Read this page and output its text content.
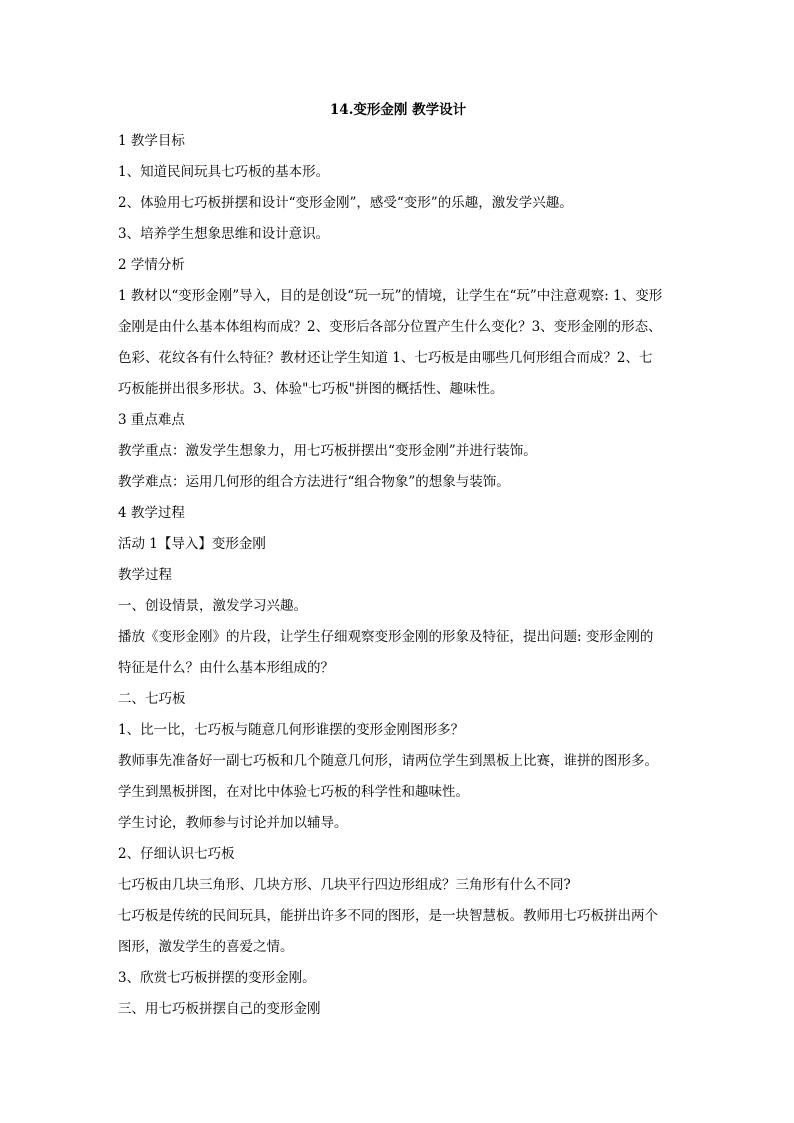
14.变形金刚 教学设计
1 教学目标
1、知道民间玩具七巧板的基本形。
2、体验用七巧板拼摆和设计“变形金刚”，感受“变形”的乐趣，激发学兴趣。
3、培养学生想象思维和设计意识。
2 学情分析
1 教材以“变形金刚”导入，目的是创设“玩一玩”的情境，让学生在“玩”中注意观察: 1、变形
金刚是由什么基本体组构而成？2、变形后各部分位置产生什么变化？3、变形金刚的形态、
色彩、花纹各有什么特征？教材还让学生知道 1、七巧板是由哪些几何形组合而成？2、七
巧板能拼出很多形状。3、体验"七巧板"拼图的概括性、趣味性。
3 重点难点
教学重点：激发学生想象力，用七巧板拼摆出“变形金刚”并进行装饰。
教学难点：运用几何形的组合方法进行“组合物象”的想象与装饰。
4 教学过程
活动 1【导入】变形金刚
教学过程
一、创设情景，激发学习兴趣。
播放《变形金刚》的片段，让学生仔细观察变形金刚的形象及特征，提出问题: 变形金刚的
特征是什么？由什么基本形组成的？
二、七巧板
1、比一比，七巧板与随意几何形谁摆的变形金刚图形多？
教师事先准备好一副七巧板和几个随意几何形，请两位学生到黑板上比赛，谁拼的图形多。
学生到黑板拼图，在对比中体验七巧板的科学性和趣味性。
学生讨论，教师参与讨论并加以辅导。
2、仔细认识七巧板
七巧板由几块三角形、几块方形、几块平行四边形组成？三角形有什么不同?
七巧板是传统的民间玩具，能拼出许多不同的图形，是一块智慧板。教师用七巧板拼出两个
图形，激发学生的喜爱之情。
3、欣赏七巧板拼摆的变形金刚。
三、用七巧板拼摆自己的变形金刚
